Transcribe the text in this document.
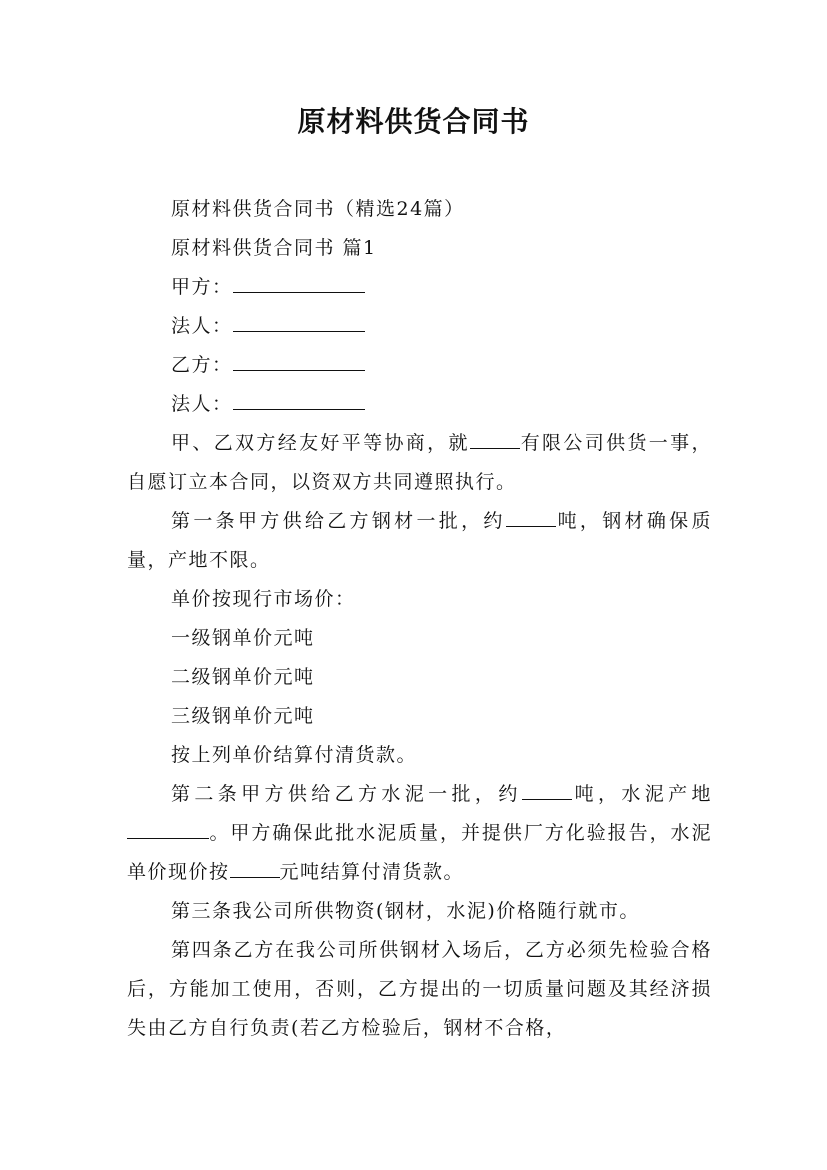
原材料供货合同书

原材料供货合同书（精选24篇）

原材料供货合同书 篇1

甲方：

法人：

乙方：

法人：

甲、乙双方经友好平等协商，就	有限公司供货一事，自愿订立本合同，以资双方共同遵照执行。

第一条甲方供给乙方钢材一批，约	吨，钢材确保质量，产地不限。

单价按现行市场价：

一级钢单价元吨

二级钢单价元吨

三级钢单价元吨

按上列单价结算付清货款。

第二条甲方供给乙方水泥一批，约	吨，水泥产地。甲方确保此批水泥质量，并提供厂方化验报告，水泥单价现价按	元吨结算付清货款。

第三条我公司所供物资(钢材，水泥)价格随行就市。

第四条乙方在我公司所供钢材入场后，乙方必须先检验合格后，方能加工使用，否则，乙方提出的一切质量问题及其经济损失由乙方自行负责(若乙方检验后，钢材不合格，
